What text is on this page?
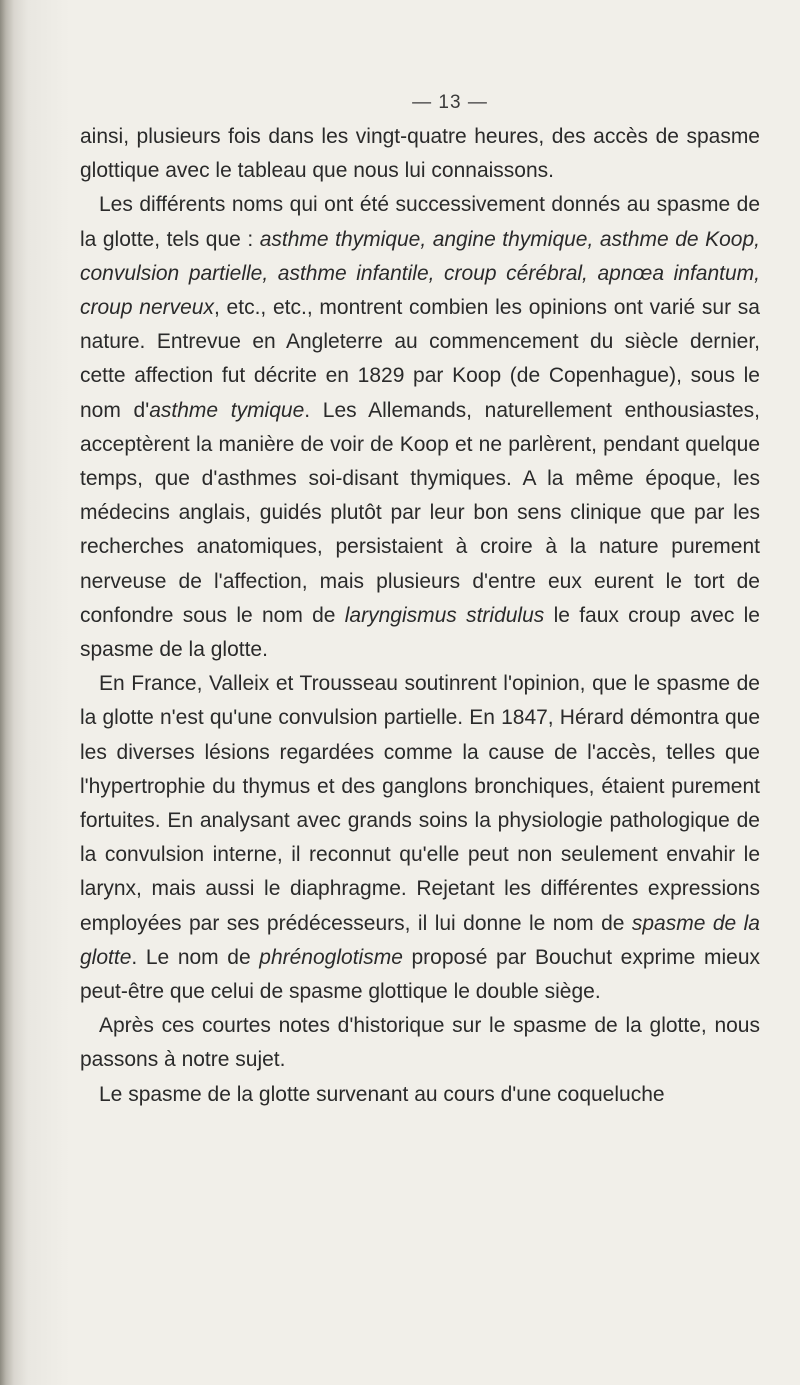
— 13 —

ainsi, plusieurs fois dans les vingt-quatre heures, des accès de spasme glottique avec le tableau que nous lui connaissons.

Les différents noms qui ont été successivement donnés au spasme de la glotte, tels que : asthme thymique, angine thymique, asthme de Koop, convulsion partielle, asthme infantile, croup cérébral, apnœa infantum, croup nerveux, etc., etc., montrent combien les opinions ont varié sur sa nature. Entrevue en Angleterre au commencement du siècle dernier, cette affection fut décrite en 1829 par Koop (de Copenhague), sous le nom d'asthme tymique. Les Allemands, naturellement enthousiastes, acceptèrent la manière de voir de Koop et ne parlèrent, pendant quelque temps, que d'asthmes soi-disant thymiques. A la même époque, les médecins anglais, guidés plutôt par leur bon sens clinique que par les recherches anatomiques, persistaient à croire à la nature purement nerveuse de l'affection, mais plusieurs d'entre eux eurent le tort de confondre sous le nom de laryngismus stridulus le faux croup avec le spasme de la glotte.

En France, Valleix et Trousseau soutinrent l'opinion, que le spasme de la glotte n'est qu'une convulsion partielle. En 1847, Hérard démontra que les diverses lésions regardées comme la cause de l'accès, telles que l'hypertrophie du thymus et des ganglons bronchiques, étaient purement fortuites. En analysant avec grands soins la physiologie pathologique de la convulsion interne, il reconnut qu'elle peut non seulement envahir le larynx, mais aussi le diaphragme. Rejetant les différentes expressions employées par ses prédécesseurs, il lui donne le nom de spasme de la glotte. Le nom de phrénoglotisme proposé par Bouchut exprime mieux peut-être que celui de spasme glottique le double siège.

Après ces courtes notes d'historique sur le spasme de la glotte, nous passons à notre sujet.

Le spasme de la glotte survenant au cours d'une coqueluche
